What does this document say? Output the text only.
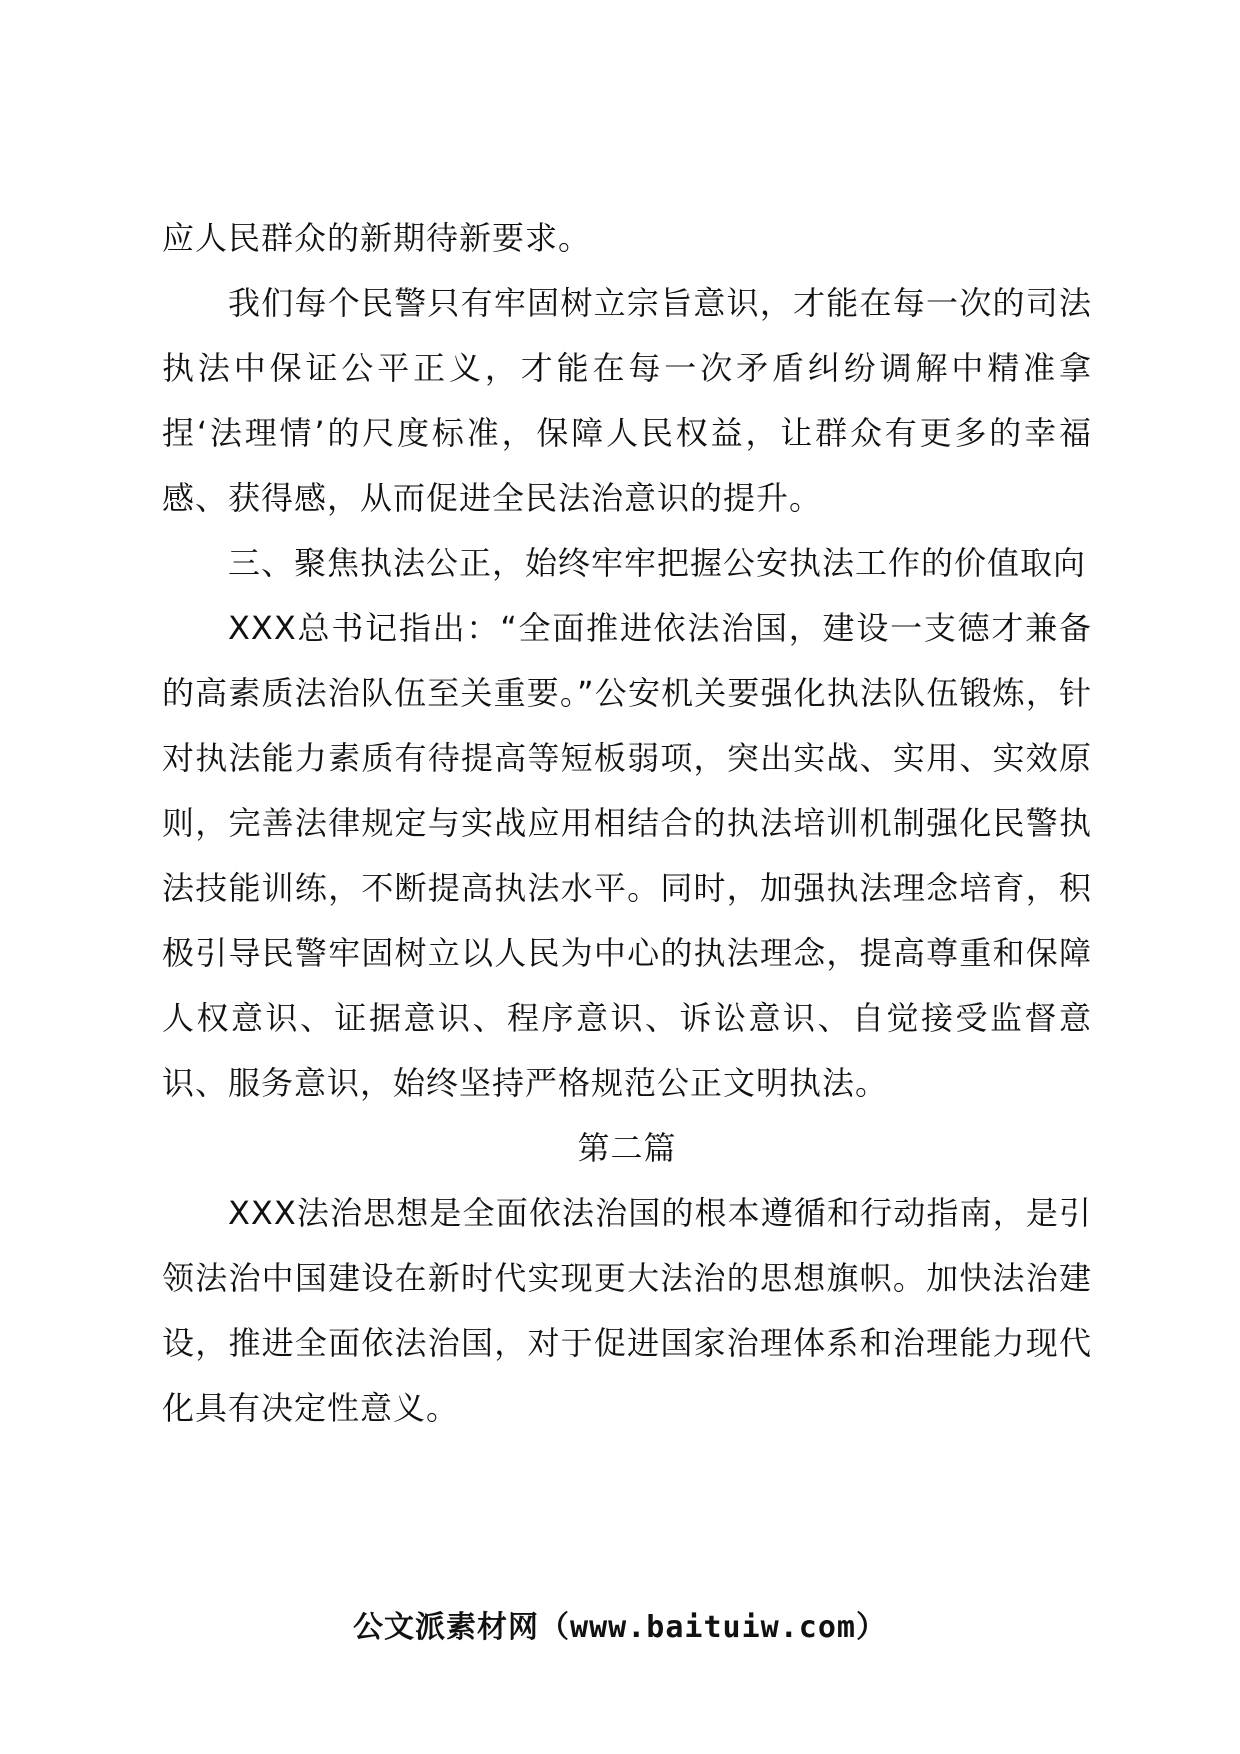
应人民群众的新期待新要求。

我们每个民警只有牢固树立宗旨意识，才能在每一次的司法执法中保证公平正义，才能在每一次矛盾纠纷调解中精准拿捏‘法理情’的尺度标准，保障人民权益，让群众有更多的幸福感、获得感，从而促进全民法治意识的提升。

三、聚焦执法公正，始终牢牢把握公安执法工作的价值取向

XXX总书记指出：“全面推进依法治国，建设一支德才兼备的高素质法治队伍至关重要。”公安机关要强化执法队伍锻炼，针对执法能力素质有待提高等短板弱项，突出实战、实用、实效原则，完善法律规定与实战应用相结合的执法培训机制强化民警执法技能训练，不断提高执法水平。同时，加强执法理念培育，积极引导民警牢固树立以人民为中心的执法理念，提高尊重和保障人权意识、证据意识、程序意识、诉讼意识、自觉接受监督意识、服务意识，始终坚持严格规范公正文明执法。

第二篇

XXX法治思想是全面依法治国的根本遵循和行动指南，是引领法治中国建设在新时代实现更大法治的思想旗帜。加快法治建设，推进全面依法治国，对于促进国家治理体系和治理能力现代化具有决定性意义。

公文派素材网（www.baituiw.com）
